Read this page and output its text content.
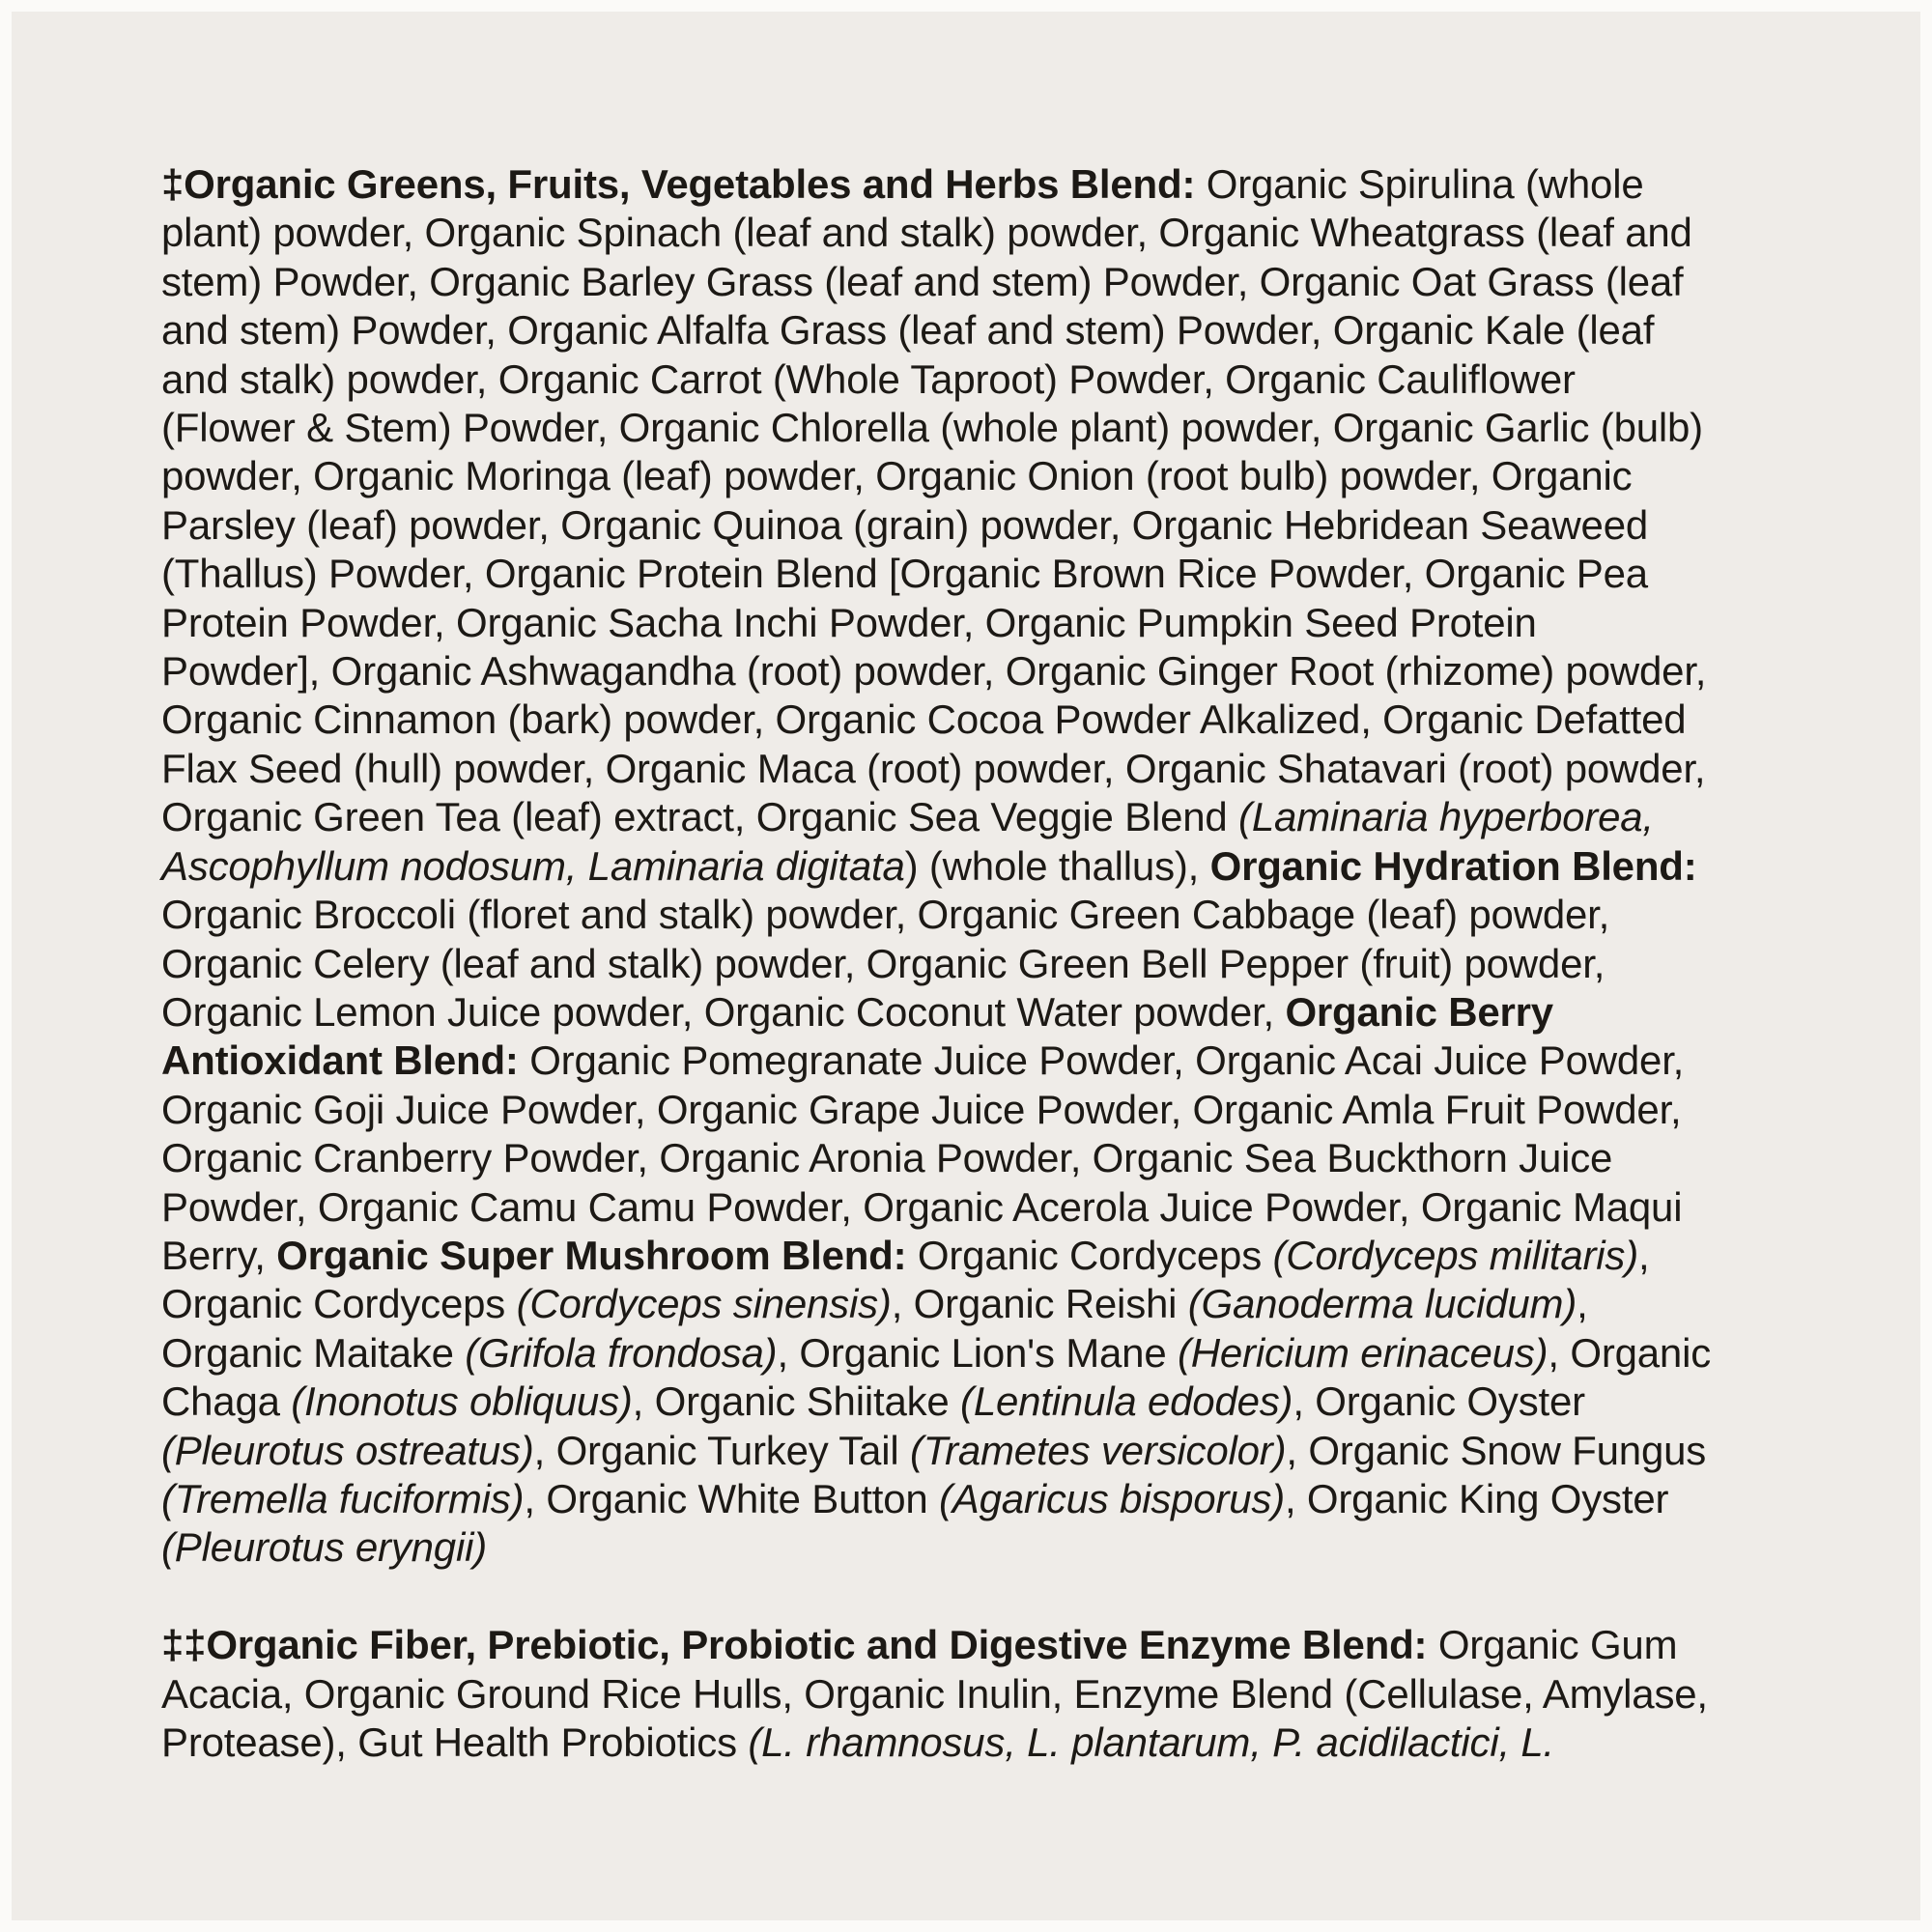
‡Organic Greens, Fruits, Vegetables and Herbs Blend: Organic Spirulina (whole
plant) powder, Organic Spinach (leaf and stalk) powder, Organic Wheatgrass (leaf and
stem) Powder, Organic Barley Grass (leaf and stem) Powder, Organic Oat Grass (leaf
and stem) Powder, Organic Alfalfa Grass (leaf and stem) Powder, Organic Kale (leaf
and stalk) powder, Organic Carrot (Whole Taproot) Powder, Organic Cauliflower
(Flower & Stem) Powder, Organic Chlorella (whole plant) powder, Organic Garlic (bulb)
powder, Organic Moringa (leaf) powder, Organic Onion (root bulb) powder, Organic
Parsley (leaf) powder, Organic Quinoa (grain) powder, Organic Hebridean Seaweed
(Thallus) Powder, Organic Protein Blend [Organic Brown Rice Powder, Organic Pea
Protein Powder, Organic Sacha Inchi Powder, Organic Pumpkin Seed Protein
Powder], Organic Ashwagandha (root) powder, Organic Ginger Root (rhizome) powder,
Organic Cinnamon (bark) powder, Organic Cocoa Powder Alkalized, Organic Defatted
Flax Seed (hull) powder, Organic Maca (root) powder, Organic Shatavari (root) powder,
Organic Green Tea (leaf) extract, Organic Sea Veggie Blend (Laminaria hyperborea,
Ascophyllum nodosum, Laminaria digitata) (whole thallus), Organic Hydration Blend:
Organic Broccoli (floret and stalk) powder, Organic Green Cabbage (leaf) powder,
Organic Celery (leaf and stalk) powder, Organic Green Bell Pepper (fruit) powder,
Organic Lemon Juice powder, Organic Coconut Water powder, Organic Berry
Antioxidant Blend: Organic Pomegranate Juice Powder, Organic Acai Juice Powder,
Organic Goji Juice Powder, Organic Grape Juice Powder, Organic Amla Fruit Powder,
Organic Cranberry Powder, Organic Aronia Powder, Organic Sea Buckthorn Juice
Powder, Organic Camu Camu Powder, Organic Acerola Juice Powder, Organic Maqui
Berry, Organic Super Mushroom Blend: Organic Cordyceps (Cordyceps militaris),
Organic Cordyceps (Cordyceps sinensis), Organic Reishi (Ganoderma lucidum),
Organic Maitake (Grifola frondosa), Organic Lion's Mane (Hericium erinaceus), Organic
Chaga (Inonotus obliquus), Organic Shiitake (Lentinula edodes), Organic Oyster
(Pleurotus ostreatus), Organic Turkey Tail (Trametes versicolor), Organic Snow Fungus
(Tremella fuciformis), Organic White Button (Agaricus bisporus), Organic King Oyster
(Pleurotus eryngii)
‡‡Organic Fiber, Prebiotic, Probiotic and Digestive Enzyme Blend: Organic Gum
Acacia, Organic Ground Rice Hulls, Organic Inulin, Enzyme Blend (Cellulase, Amylase,
Protease), Gut Health Probiotics (L. rhamnosus, L. plantarum, P. acidilactici, L.
